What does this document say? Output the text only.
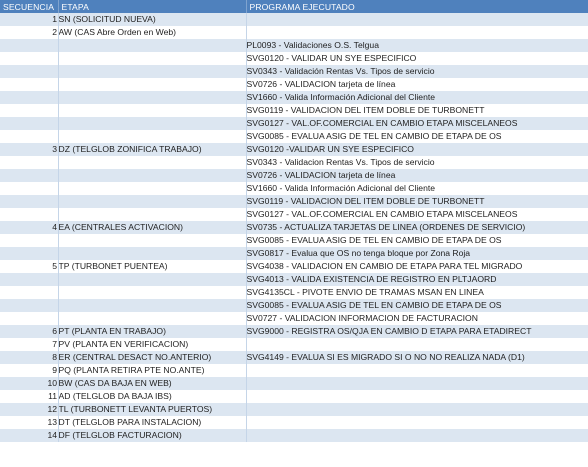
SECUENCIA	ETAPA	PROGRAMA EJECUTADO
1	SN (SOLICITUD NUEVA)	
2	AW (CAS Abre Orden en Web)	
		PL0093 - Validaciones O.S. Telgua
		SVG0120 - VALIDAR UN SYE ESPECIFICO
		SV0343 - Validación Rentas Vs. Tipos de servicio
		SV0726 - VALIDACION tarjeta de línea
		SV1660 - Valida Información Adicional del Cliente
		SVG0119 - VALIDACION DEL ITEM DOBLE DE TURBONETT
		SVG0127 - VAL.OF.COMERCIAL EN CAMBIO ETAPA MISCELANEOS
		SVG0085 - EVALUA ASIG DE TEL EN CAMBIO DE ETAPA DE OS
3	DZ (TELGLOB ZONIFICA TRABAJO)	SVG0120 -VALIDAR UN SYE ESPECIFICO
		SV0343 - Validacion Rentas Vs. Tipos de servicio
		SV0726 - VALIDACION tarjeta de línea
		SV1660 - Valida Información Adicional del Cliente
		SVG0119 - VALIDACION DEL ITEM DOBLE DE TURBONETT
		SVG0127 - VAL.OF.COMERCIAL EN CAMBIO ETAPA MISCELANEOS
4	EA (CENTRALES ACTIVACION)	SV0735 - ACTUALIZA TARJETAS DE LINEA (ORDENES DE SERVICIO)
		SVG0085 - EVALUA ASIG DE TEL EN CAMBIO DE ETAPA DE OS
		SVG0817 - Evalua que OS no tenga bloque por Zona Roja
5	TP (TURBONET PUENTEA)	SVG4038 - VALIDACION EN CAMBIO DE ETAPA PARA TEL MIGRADO
		SVG4013 - VALIDA EXISTENCIA DE REGISTRO EN PLTJAORD
		SVG4135CL - PIVOTE ENVIO DE TRAMAS MSAN EN LINEA
		SVG0085 - EVALUA ASIG DE TEL EN CAMBIO DE ETAPA DE OS
		SV0727 - VALIDACION INFORMACION DE FACTURACION
6	PT (PLANTA EN TRABAJO)	SVG9000 - REGISTRA OS/QJA EN CAMBIO D ETAPA PARA ETADIRECT
7	PV (PLANTA EN VERIFICACION)	
8	ER (CENTRAL DESACT NO.ANTERIO)	SVG4149 - EVALUA SI ES MIGRADO SI O NO NO REALIZA NADA (D1)
9	PQ (PLANTA RETIRA PTE NO.ANTE)	
10	BW (CAS DA BAJA EN WEB)	
11	AD (TELGLOB DA BAJA IBS)	
12	TL (TURBONETT LEVANTA PUERTOS)	
13	DT (TELGLOB PARA INSTALACION)	
14	DF (TELGLOB FACTURACION)	
